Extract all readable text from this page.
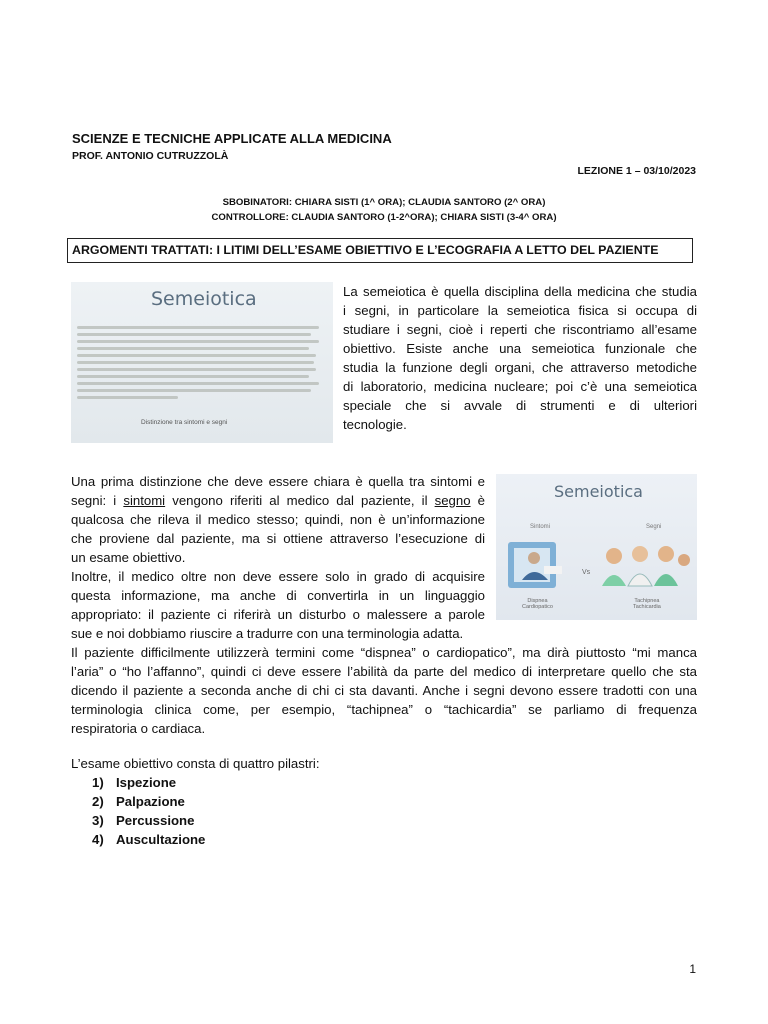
SCIENZE E TECNICHE APPLICATE ALLA MEDICINA
PROF. ANTONIO CUTRUZZOLÀ
LEZIONE 1 – 03/10/2023
SBOBINATORI: CHIARA SISTI (1^ ORA); CLAUDIA SANTORO (2^ ORA)
CONTROLLORE: CLAUDIA SANTORO (1-2^ORA); CHIARA SISTI (3-4^ ORA)
ARGOMENTI TRATTATI: I LITIMI DELL’ESAME OBIETTIVO E L’ECOGRAFIA A LETTO DEL PAZIENTE
Semeiotica
Distinzione tra sintomi e segni
La semeiotica è quella disciplina della medicina che studia
i segni, in particolare la semeiotica fisica si occupa di
studiare i segni, cioè i reperti che riscontriamo all’esame
obiettivo. Esiste anche una semeiotica funzionale che
studia la funzione degli organi, che attraverso metodiche
di laboratorio, medicina nucleare; poi c’è una semeiotica
speciale che si avvale di strumenti e di ulteriori
tecnologie.
Semeiotica
Sintomi	Segni
Vs
Dispnea
Cardiopatico
Tachipnea
Tachicardia
Una prima distinzione che deve essere chiara è quella tra sintomi e
segni: i sintomi vengono riferiti al medico dal paziente, il segno è
qualcosa che rileva il medico stesso; quindi, non è un’informazione
che proviene dal paziente, ma si ottiene attraverso l’esecuzione di
un esame obiettivo.
Inoltre, il medico oltre non deve essere solo in grado di acquisire
questa informazione, ma anche di convertirla in un linguaggio
appropriato: il paziente ci riferirà un disturbo o malessere a parole
sue e noi dobbiamo riuscire a tradurre con una terminologia adatta.
Il paziente difficilmente utilizzerà termini come “dispnea” o cardiopatico”, ma dirà piuttosto “mi manca
l’aria” o “ho l’affanno”, quindi ci deve essere l’abilità da parte del medico di interpretare quello che sta
dicendo il paziente a seconda anche di chi ci sta davanti. Anche i segni devono essere tradotti con una
terminologia clinica come, per esempio, “tachipnea” o “tachicardia” se parliamo di frequenza
respiratoria o cardiaca.
L’esame obiettivo consta di quattro pilastri:
1) Ispezione
2) Palpazione
3) Percussione
4) Auscultazione
1
